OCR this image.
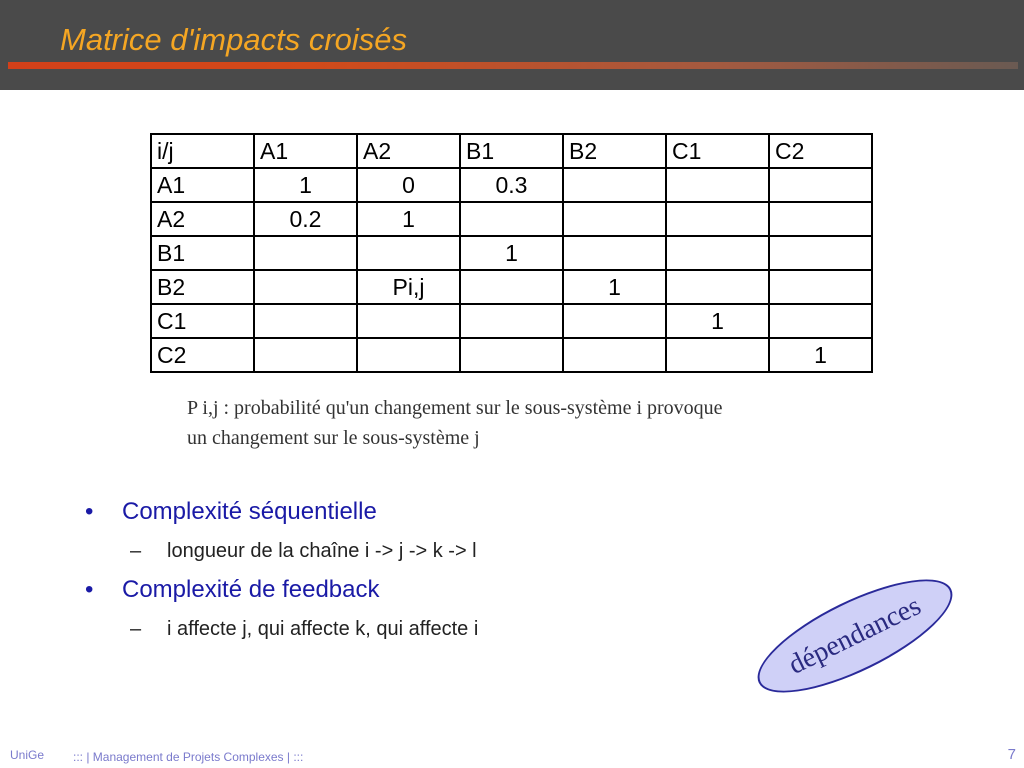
Matrice d'impacts croisés
i/j	A1	A2	B1	B2	C1	C2
A1	1	0	0.3			
A2	0.2	1				
B1			1			
B2		Pi,j		1		
C1					1	
C2						1
P i,j : probabilité qu'un changement sur le sous-système i provoque
un changement sur le sous-système j
• Complexité séquentielle
– longueur de la chaîne i -> j -> k -> l
• Complexité de feedback
– i affecte j, qui affecte k, qui affecte i	dépendances
UniGe ::: | Management de Projets Complexes | :::	7
